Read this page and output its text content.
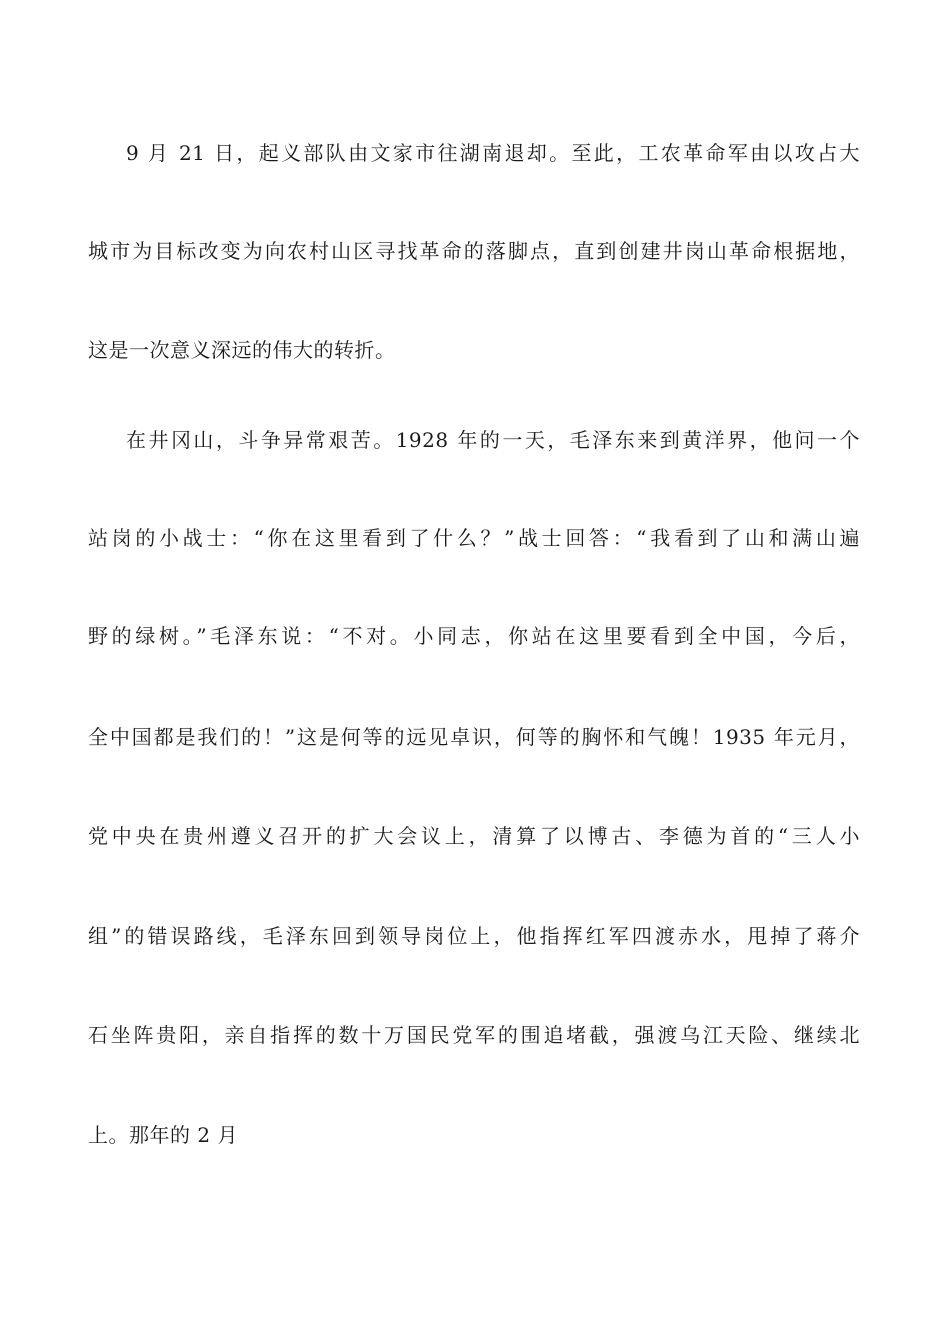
9 月 21 日，起义部队由文家市往湖南退却。至此，工农革命军由以攻占大
城市为目标改变为向农村山区寻找革命的落脚点，直到创建井岗山革命根据地，
这是一次意义深远的伟大的转折。
在井冈山，斗争异常艰苦。1928 年的一天，毛泽东来到黄洋界，他问一个
站岗的小战士：“你在这里看到了什么？”战士回答：“我看到了山和满山遍
野的绿树。”毛泽东说：“不对。小同志，你站在这里要看到全中国，今后，
全中国都是我们的！”这是何等的远见卓识，何等的胸怀和气魄！1935 年元月，
党中央在贵州遵义召开的扩大会议上，清算了以博古、李德为首的“三人小
组”的错误路线，毛泽东回到领导岗位上，他指挥红军四渡赤水，甩掉了蒋介
石坐阵贵阳，亲自指挥的数十万国民党军的围追堵截，强渡乌江天险、继续北
上。那年的 2 月
